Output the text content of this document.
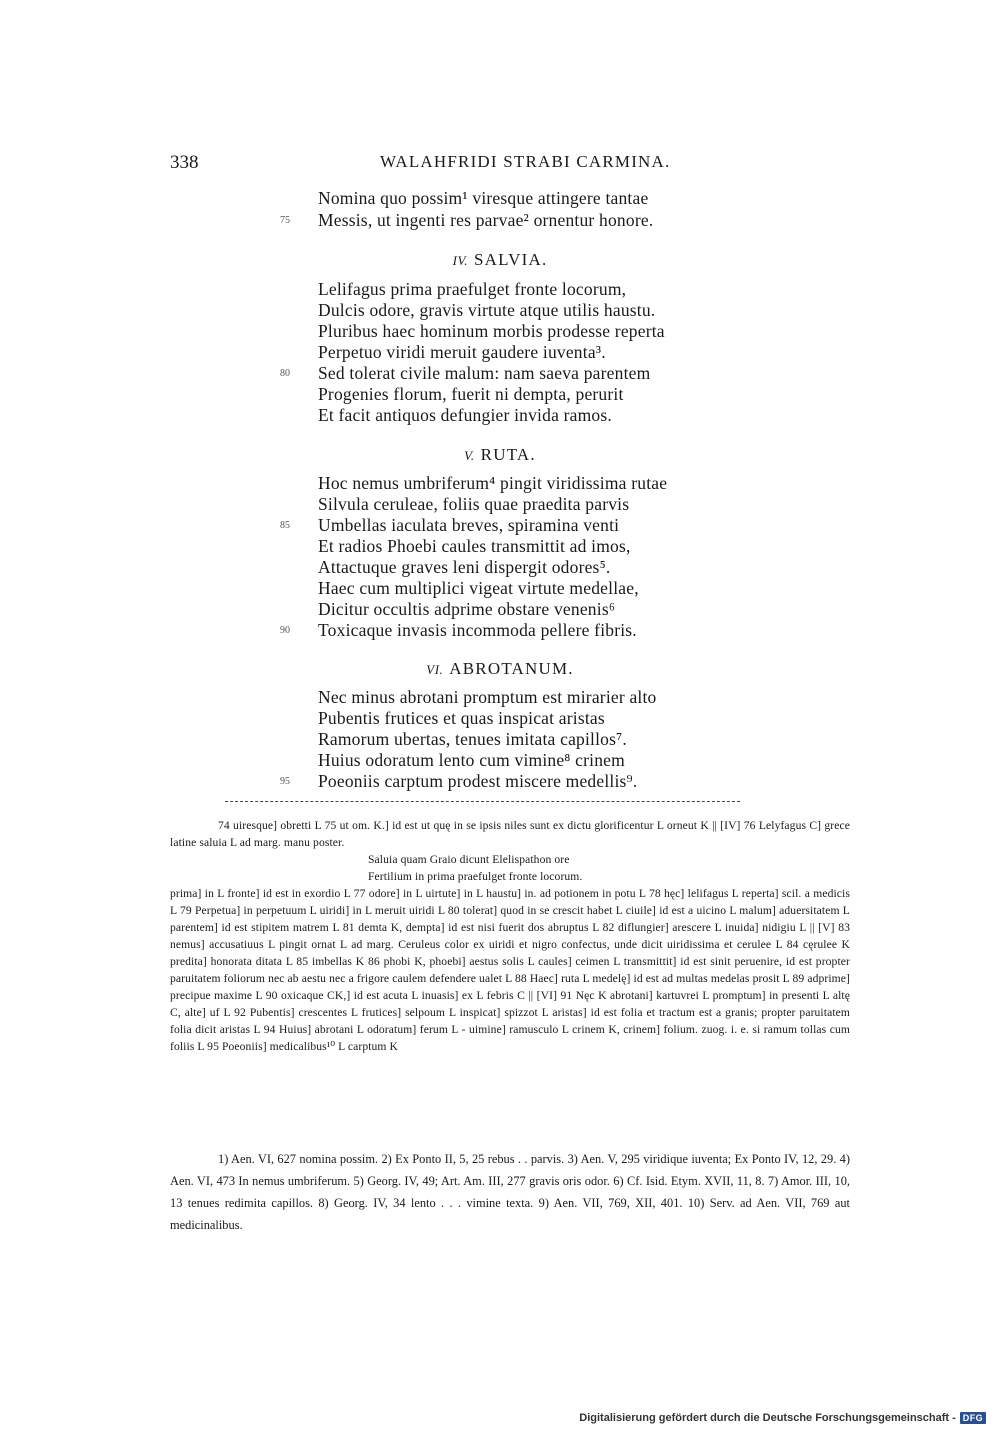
338	WALAHFRIDI STRABI CARMINA.
Nomina quo possim¹ viresque attingere tantae
Messis, ut ingenti res parvae² ornentur honore.
75
IV. SALVIA.
Lelifagus prima praefulget fronte locorum,
Dulcis odore, gravis virtute atque utilis haustu.
Pluribus haec hominum morbis prodesse reperta
Perpetuo viridi meruit gaudere iuventa³.
Sed tolerat civile malum: nam saeva parentem
80
Progenies florum, fuerit ni dempta, perurit
Et facit antiquos defungier invida ramos.
V. RUTA.
Hoc nemus umbriferum⁴ pingit viridissima rutae
Silvula ceruleae, foliis quae praedita parvis
Umbellas iaculata breves, spiramina venti
85
Et radios Phoebi caules transmittit ad imos,
Attactuque graves leni dispergit odores⁵.
Haec cum multiplici vigeat virtute medellae,
Dicitur occultis adprime obstare venenis⁶
Toxicaque invasis incommoda pellere fibris.
90
VI. ABROTANUM.
Nec minus abrotani promptum est mirarier alto
Pubentis frutices et quas inspicat aristas
Ramorum ubertas, tenues imitata capillos⁷.
Huius odoratum lento cum vimine⁸ crinem
Poeoniis carptum prodest miscere medellis⁹.
95

74 uiresque] obretti L 75 ut om. K.] id est ut quę in se ipsis niles sunt ex dictu glorificentur L orneut K || [IV] 76 Lelyfagus C] grece latine saluia L ad marg. manu poster.

Saluia quam Graio dicunt Elelispathon ore

Fertilium in prima praefulget fronte locorum.

prima] in L fronte] id est in exordio L 77 odore] in L uirtute] in L haustu] in. ad potionem in potu L 78 hęc] lelifagus L reperta] scil. a medicis L 79 Perpetua] in perpetuum L uiridi] in L meruit uiridi L 80 tolerat] quod in se crescit habet L ciuile] id est a uicino L malum] aduersitatem L parentem] id est stipitem matrem L 81 demta K, dempta] id est nisi fuerit dos abruptus L 82 diflungier] arescere L inuida] nidigiu L || [V] 83 nemus] accusatiuus L pingit ornat L ad marg. Ceruleus color ex uiridi et nigro confectus, unde dicit uiridissima et cerulee L 84 cęrulee K predita] honorata ditata L 85 imbellas K 86 phobi K, phoebi] aestus solis L caules] ceimen L transmittit] id est sinit peruenire, id est propter paruitatem foliorum nec ab aestu nec a frigore caulem defendere ualet L 88 Haec] ruta L medelę] id est ad multas medelas prosit L 89 adprime] precipue maxime L 90 oxicaque CK,] id est acuta L inuasis] ex L febris C || [VI] 91 Nęc K abrotani] kartuvrei L promptum] in presenti L altę C, alte] uf L 92 Pubentis] crescentes L frutices] selpoum L inspicat] spizzot L aristas] id est folia et tractum est a granis; propter paruitatem folia dicit aristas L 94 Huius] abrotani L odoratum] ferum L - uimine] ramusculo L crinem K, crinem] folium. zuog. i. e. si ramum tollas cum foliis L 95 Poeoniis] medicalibus¹⁰ L carptum K

1) Aen. VI, 627 nomina possim. 2) Ex Ponto II, 5, 25 rebus . . parvis. 3) Aen. V, 295 viridique iuventa; Ex Ponto IV, 12, 29. 4) Aen. VI, 473 In nemus umbriferum. 5) Georg. IV, 49; Art. Am. III, 277 gravis oris odor. 6) Cf. Isid. Etym. XVII, 11, 8. 7) Amor. III, 10, 13 tenues redimita capillos. 8) Georg. IV, 34 lento . . . vimine texta. 9) Aen. VII, 769, XII, 401. 10) Serv. ad Aen. VII, 769 aut medicinalibus.

Digitalisierung gefördert durch die Deutsche Forschungsgemeinschaft - DFG
